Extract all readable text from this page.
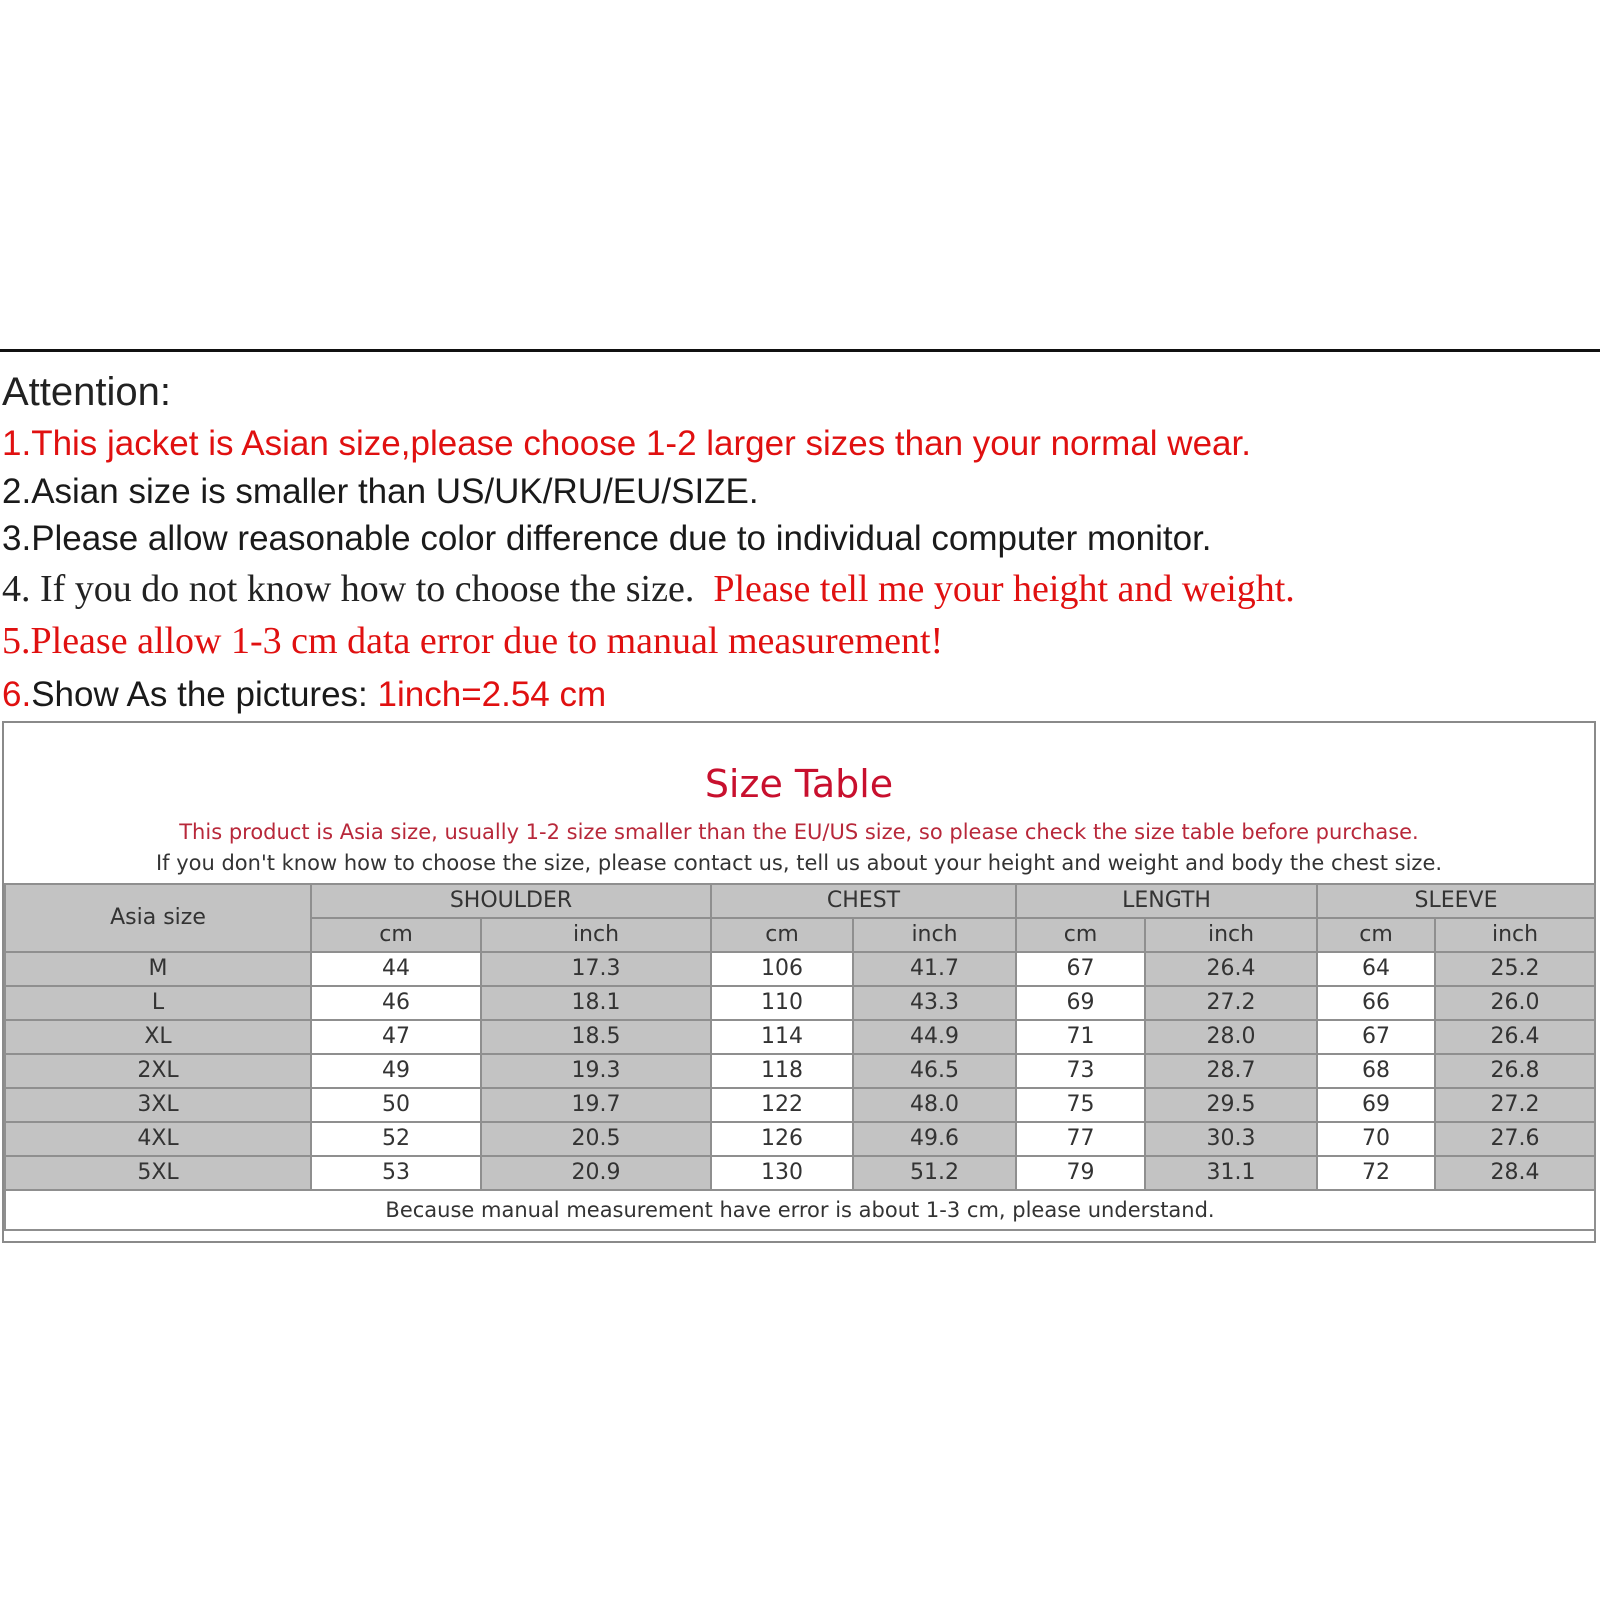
Attention:
1.This jacket is Asian size,please choose 1-2 larger sizes than your normal wear.
2.Asian size is smaller than US/UK/RU/EU/SIZE.
3.Please allow reasonable color difference due to individual computer monitor.
4. If you do not know how to choose the size. Please tell me your height and weight.
5.Please allow 1-3 cm data error due to manual measurement!
6.Show As the pictures: 1inch=2.54 cm
Size Table
This product is Asia size, usually 1-2 size smaller than the EU/US size, so please check the size table before purchase.
If you don't know how to choose the size, please contact us, tell us about your height and weight and body the chest size.
Asia size	SHOULDER		CHEST		LENGTH		SLEEVE	
	cm	inch	cm	inch	cm	inch	cm	inch
M	44	17.3	106	41.7	67	26.4	64	25.2
L	46	18.1	110	43.3	69	27.2	66	26.0
XL	47	18.5	114	44.9	71	28.0	67	26.4
2XL	49	19.3	118	46.5	73	28.7	68	26.8
3XL	50	19.7	122	48.0	75	29.5	69	27.2
4XL	52	20.5	126	49.6	77	30.3	70	27.6
5XL	53	20.9	130	51.2	79	31.1	72	28.4
Because manual measurement have error is about 1-3 cm, please understand.								
